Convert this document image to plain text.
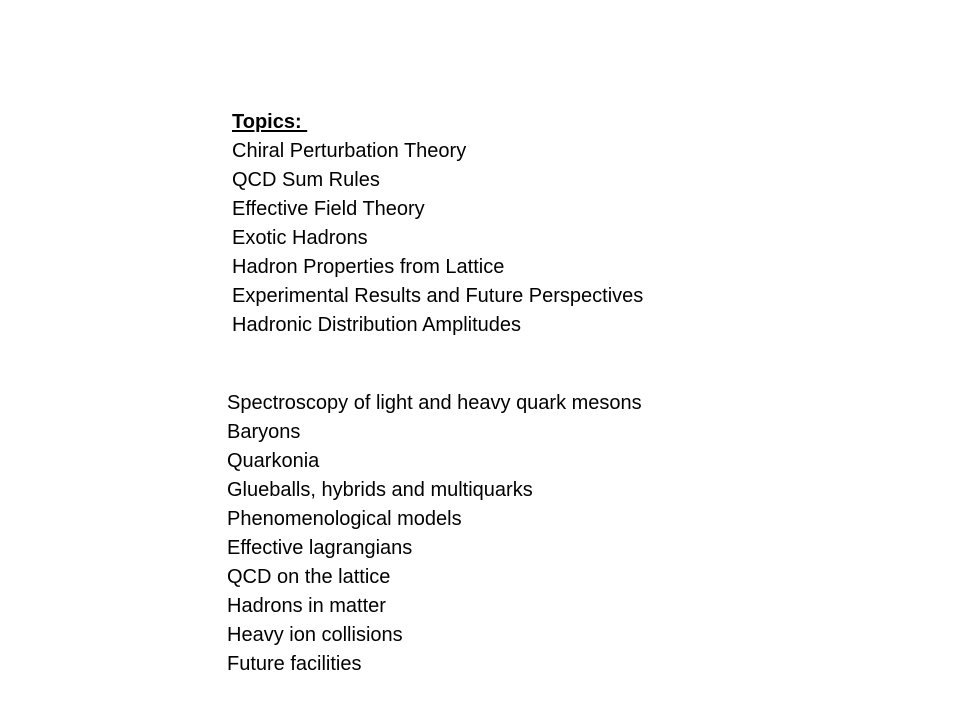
Topics:
Chiral Perturbation Theory
QCD Sum Rules
Effective Field Theory
Exotic Hadrons
Hadron Properties from Lattice
Experimental Results and Future Perspectives
Hadronic Distribution Amplitudes
Spectroscopy of light and heavy quark mesons
Baryons
Quarkonia
Glueballs, hybrids and multiquarks
Phenomenological models
Effective lagrangians
QCD on the lattice
Hadrons in matter
Heavy ion collisions
Future facilities
